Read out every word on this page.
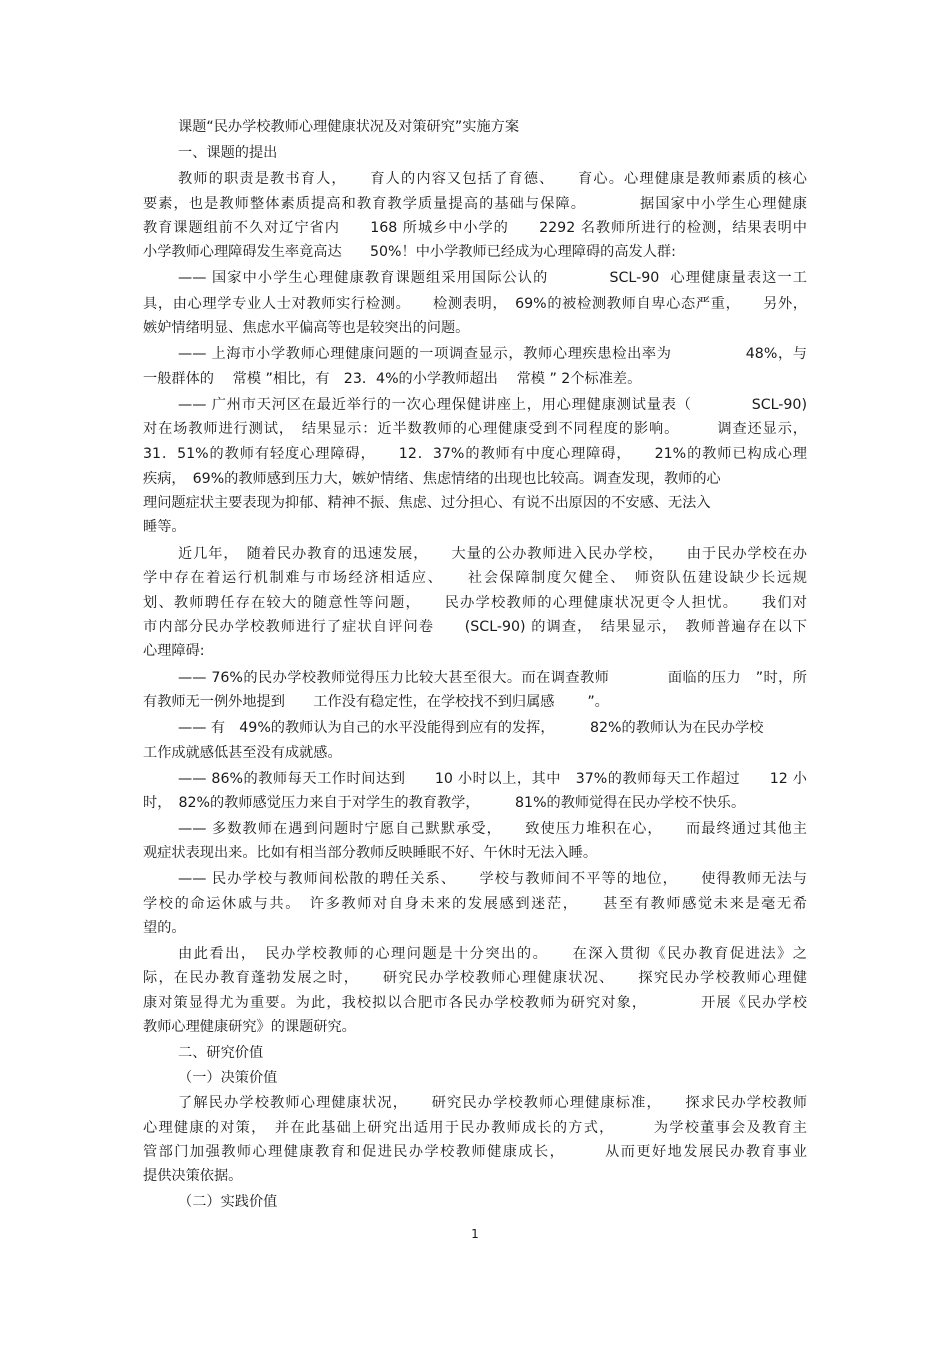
课题“民办学校教师心理健康状况及对策研究”实施方案
一、课题的提出
教师的职责是教书育人，　　育人的内容又包括了育德、　　育心。心理健康是教师素质的核心
要素，也是教师整体素质提高和教育教学质量提高的基础与保障。　　　　据国家中小学生心理健康
教育课题组前不久对辽宁省内　　168 所城乡中小学的　　2292 名教师所进行的检测，结果表明中
小学教师心理障碍发生率竟高达　　50%！中小学教师已经成为心理障碍的高发人群:
—— 国家中小学生心理健康教育课题组采用国际公认的　　　　SCL-90  心理健康量表这一工
具，由心理学专业人士对教师实行检测。　　检测表明，　69%的被检测教师自卑心态严重，　　另外，
嫉妒情绪明显、焦虑水平偏高等也是较突出的问题。
—— 上海市小学教师心理健康问题的一项调查显示，教师心理疾患检出率为　　　　　48%，与
一般群体的　 常模 ”相比，有　23．4%的小学教师超出　 常模 ” 2个标准差。
—— 广州市天河区在最近举行的一次心理保健讲座上，用心理健康测试量表（　　　　SCL-90)
对在场教师进行测试，　结果显示：近半数教师的心理健康受到不同程度的影响。　　　调查还显示，
31．51%的教师有轻度心理障碍，　　12．37%的教师有中度心理障碍，　　21%的教师已构成心理
疾病，　69%的教师感到压力大，嫉妒情绪、焦虑情绪的出现也比较高。调查发现，教师的心
理问题症状主要表现为抑郁、精神不振、焦虑、过分担心、有说不出原因的不安感、无法入
睡等。
近几年，　随着民办教育的迅速发展，　　大量的公办教师进入民办学校，　　由于民办学校在办
学中存在着运行机制难与市场经济相适应、　　社会保障制度欠健全、　师资队伍建设缺少长远规
划、教师聘任存在较大的随意性等问题，　　民办学校教师的心理健康状况更令人担忧。　　我们对
市内部分民办学校教师进行了症状自评问卷　　(SCL-90) 的调查，　结果显示，　教师普遍存在以下
心理障碍:
—— 76%的民办学校教师觉得压力比较大甚至很大。而在调查教师　　　　面临的压力　”时，所
有教师无一例外地提到　　工作没有稳定性，在学校找不到归属感　　 ”。
—— 有　49%的教师认为自己的水平没能得到应有的发挥，　　　82%的教师认为在民办学校
工作成就感低甚至没有成就感。
—— 86%的教师每天工作时间达到　　10 小时以上，其中　37%的教师每天工作超过　　12 小
时，　82%的教师感觉压力来自于对学生的教育教学，　　　81%的教师觉得在民办学校不快乐。
—— 多数教师在遇到问题时宁愿自己默默承受，　　致使压力堆积在心，　　而最终通过其他主
观症状表现出来。比如有相当部分教师反映睡眠不好、午休时无法入睡。
—— 民办学校与教师间松散的聘任关系、　　学校与教师间不平等的地位，　　使得教师无法与
学校的命运休戚与共。　许多教师对自身未来的发展感到迷茫，　　甚至有教师感觉未来是毫无希
望的。
由此看出，　民办学校教师的心理问题是十分突出的。　　在深入贯彻《民办教育促进法》之
际，在民办教育蓬勃发展之时，　　研究民办学校教师心理健康状况、　　探究民办学校教师心理健
康对策显得尤为重要。为此，我校拟以合肥市各民办学校教师为研究对象，　　　　开展《民办学校
教师心理健康研究》的课题研究。
二、研究价值
（一）决策价值
了解民办学校教师心理健康状况，　　研究民办学校教师心理健康标准，　　探求民办学校教师
心理健康的对策，　并在此基础上研究出适用于民办教师成长的方式，　　　为学校董事会及教育主
管部门加强教师心理健康教育和促进民办学校教师健康成长，　　　从而更好地发展民办教育事业
提供决策依据。
（二）实践价值
1
